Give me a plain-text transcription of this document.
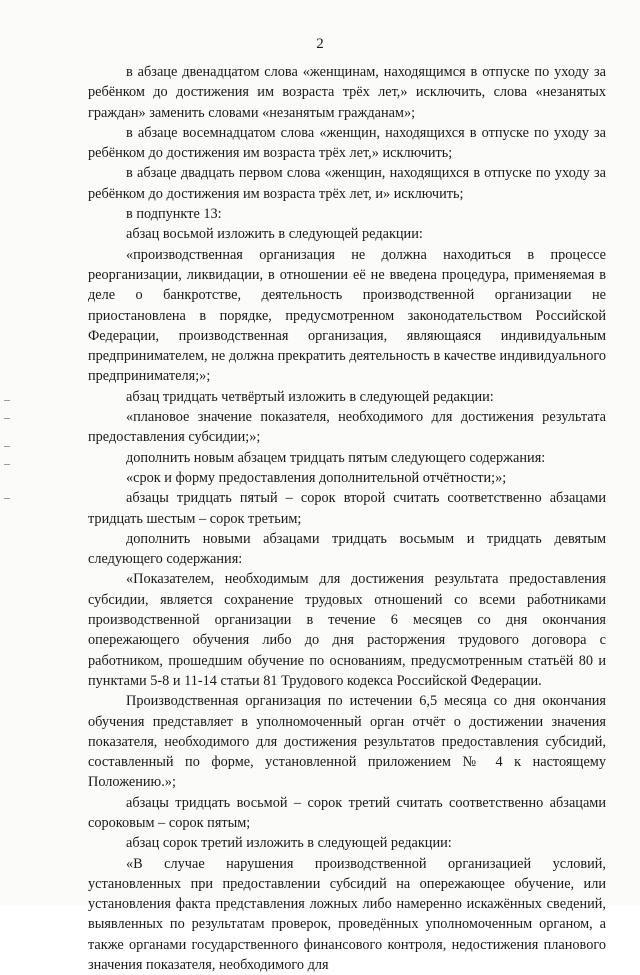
2

в абзаце двенадцатом слова «женщинам, находящимся в отпуске по уходу за ребёнком до достижения им возраста трёх лет,» исключить, слова «незанятых граждан» заменить словами «незанятым гражданам»;

в абзаце восемнадцатом слова «женщин, находящихся в отпуске по уходу за ребёнком до достижения им возраста трёх лет,» исключить;

в абзаце двадцать первом слова «женщин, находящихся в отпуске по уходу за ребёнком до достижения им возраста трёх лет, и» исключить;

в подпункте 13:

абзац восьмой изложить в следующей редакции:

«производственная организация не должна находиться в процессе реорганизации, ликвидации, в отношении её не введена процедура, применяемая в деле о банкротстве, деятельность производственной организации не приостановлена в порядке, предусмотренном законодательством Российской Федерации, производственная организация, являющаяся индивидуальным предпринимателем, не должна прекратить деятельность в качестве индивидуального предпринимателя;»;

абзац тридцать четвёртый изложить в следующей редакции:

«плановое значение показателя, необходимого для достижения результата предоставления субсидии;»;

дополнить новым абзацем тридцать пятым следующего содержания:

«срок и форму предоставления дополнительной отчётности;»;

абзацы тридцать пятый – сорок второй считать соответственно абзацами тридцать шестым – сорок третьим;

дополнить новыми абзацами тридцать восьмым и тридцать девятым следующего содержания:

«Показателем, необходимым для достижения результата предоставления субсидии, является сохранение трудовых отношений со всеми работниками производственной организации в течение 6 месяцев со дня окончания опережающего обучения либо до дня расторжения трудового договора с работником, прошедшим обучение по основаниям, предусмотренным статьёй 80 и пунктами 5-8 и 11-14 статьи 81 Трудового кодекса Российской Федерации.

Производственная организация по истечении 6,5 месяца со дня окончания обучения представляет в уполномоченный орган отчёт о достижении значения показателя, необходимого для достижения результатов предоставления субсидий, составленный по форме, установленной приложением № 4 к настоящему Положению.»;

абзацы тридцать восьмой – сорок третий считать соответственно абзацами сороковым – сорок пятым;

абзац сорок третий изложить в следующей редакции:

«В случае нарушения производственной организацией условий, установленных при предоставлении субсидий на опережающее обучение, или установления факта представления ложных либо намеренно искажённых сведений, выявленных по результатам проверок, проведённых уполномоченным органом, а также органами государственного финансового контроля, недостижения планового значения показателя, необходимого для
